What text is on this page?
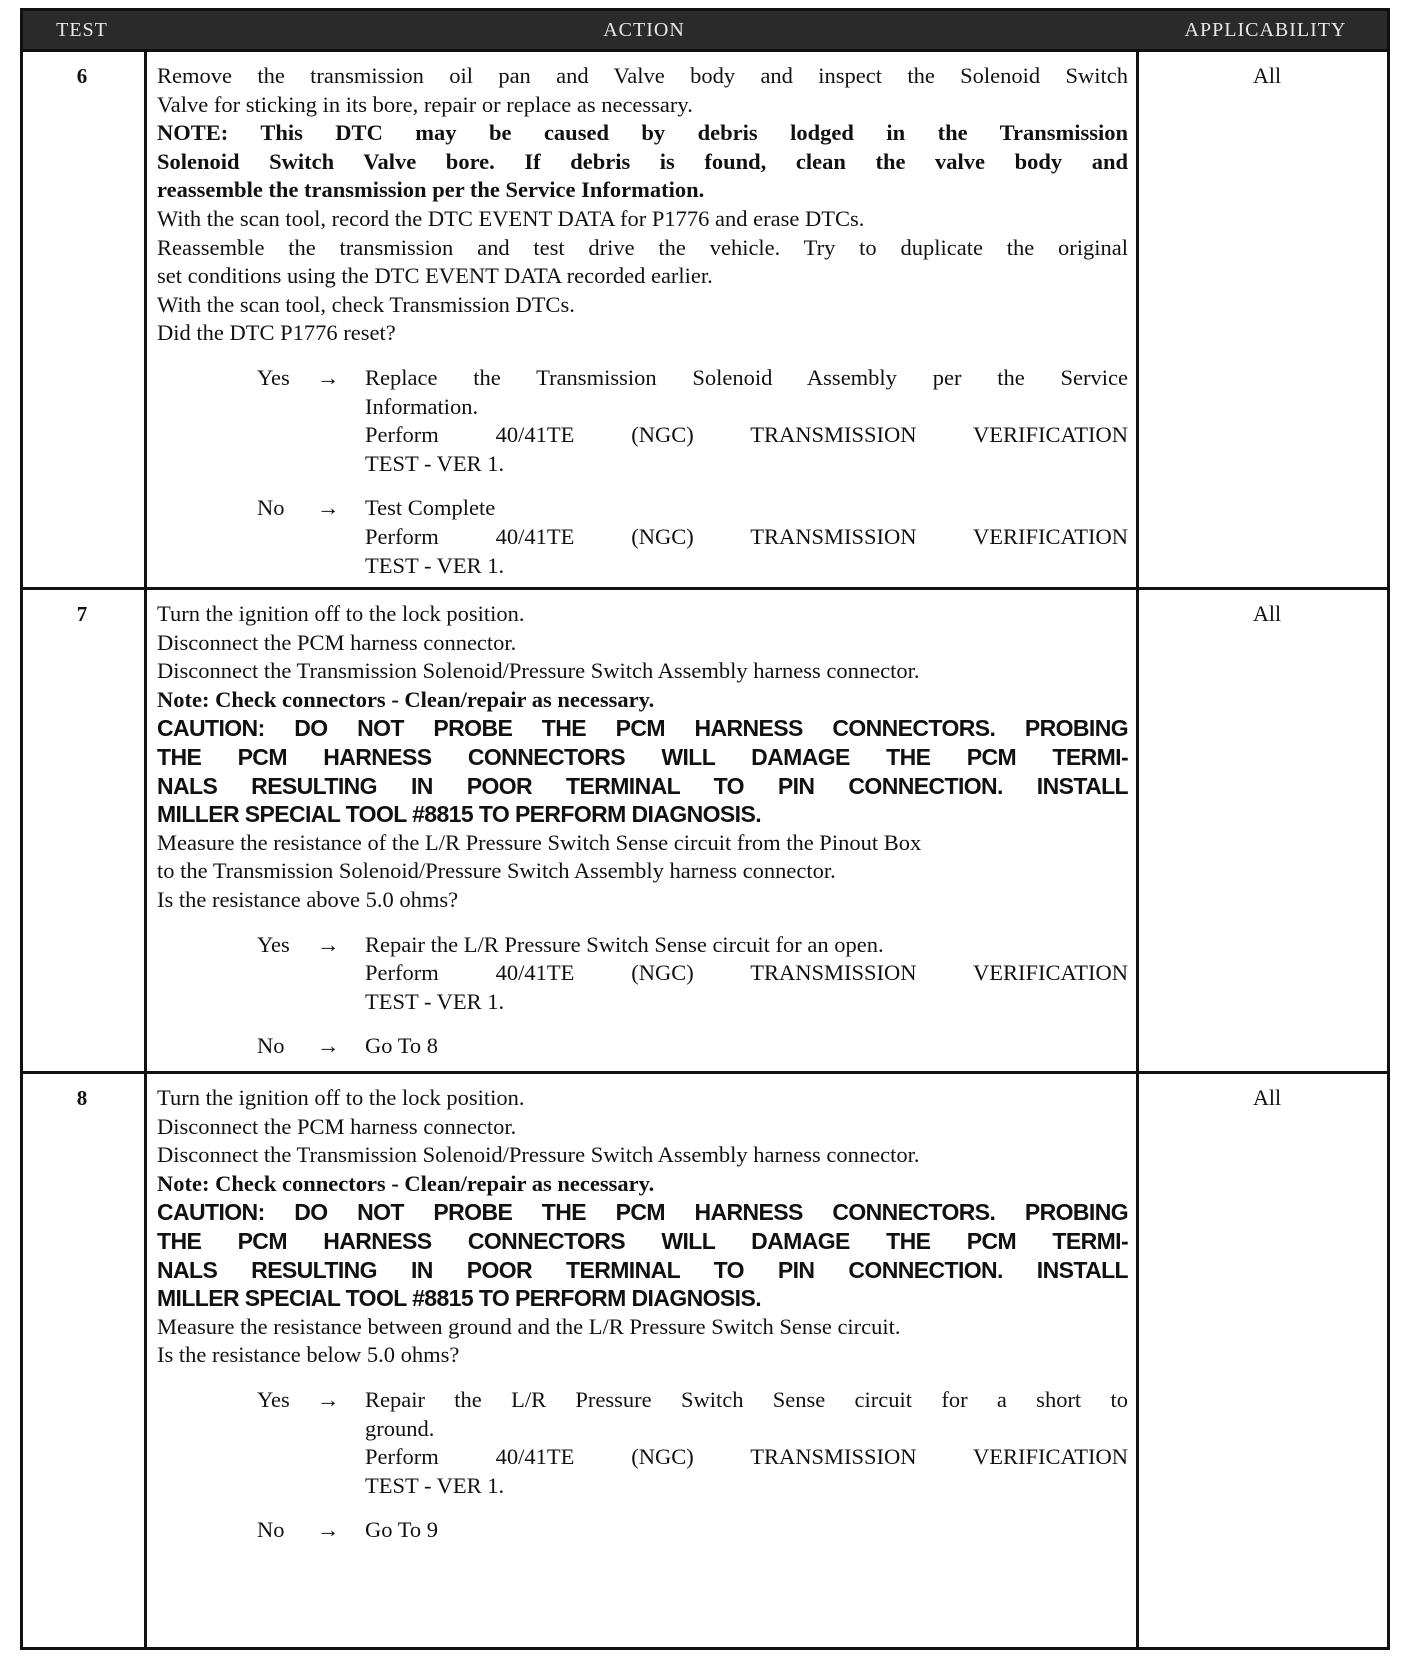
TEST	ACTION	APPLICABILITY
6	Remove the transmission oil pan and Valve body and inspect the Solenoid Switch
Valve for sticking in its bore, repair or replace as necessary.
NOTE: This DTC may be caused by debris lodged in the Transmission
Solenoid Switch Valve bore. If debris is found, clean the valve body and
reassemble the transmission per the Service Information.
With the scan tool, record the DTC EVENT DATA for P1776 and erase DTCs.
Reassemble the transmission and test drive the vehicle. Try to duplicate the original
set conditions using the DTC EVENT DATA recorded earlier.
With the scan tool, check Transmission DTCs.
Did the DTC P1776 reset?
Yes	→ Replace the Transmission Solenoid Assembly per the Service
Information.
Perform 40/41TE (NGC) TRANSMISSION VERIFICATION
TEST - VER 1.
No	→ Test Complete
Perform 40/41TE (NGC) TRANSMISSION VERIFICATION
TEST - VER 1.
All
7	Turn the ignition off to the lock position.
Disconnect the PCM harness connector.
Disconnect the Transmission Solenoid/Pressure Switch Assembly harness connector.
Note: Check connectors - Clean/repair as necessary.
CAUTION: DO NOT PROBE THE PCM HARNESS CONNECTORS. PROBING
THE PCM HARNESS CONNECTORS WILL DAMAGE THE PCM TERMI-
NALS RESULTING IN POOR TERMINAL TO PIN CONNECTION. INSTALL
MILLER SPECIAL TOOL #8815 TO PERFORM DIAGNOSIS.
Measure the resistance of the L/R Pressure Switch Sense circuit from the Pinout Box
to the Transmission Solenoid/Pressure Switch Assembly harness connector.
Is the resistance above 5.0 ohms?
Yes	→ Repair the L/R Pressure Switch Sense circuit for an open.
Perform 40/41TE (NGC) TRANSMISSION VERIFICATION
TEST - VER 1.
No	→ Go To 8
All
8	Turn the ignition off to the lock position.
Disconnect the PCM harness connector.
Disconnect the Transmission Solenoid/Pressure Switch Assembly harness connector.
Note: Check connectors - Clean/repair as necessary.
CAUTION: DO NOT PROBE THE PCM HARNESS CONNECTORS. PROBING
THE PCM HARNESS CONNECTORS WILL DAMAGE THE PCM TERMI-
NALS RESULTING IN POOR TERMINAL TO PIN CONNECTION. INSTALL
MILLER SPECIAL TOOL #8815 TO PERFORM DIAGNOSIS.
Measure the resistance between ground and the L/R Pressure Switch Sense circuit.
Is the resistance below 5.0 ohms?
Yes	→ Repair the L/R Pressure Switch Sense circuit for a short to
ground.
Perform 40/41TE (NGC) TRANSMISSION VERIFICATION
TEST - VER 1.
No	→ Go To 9
All
